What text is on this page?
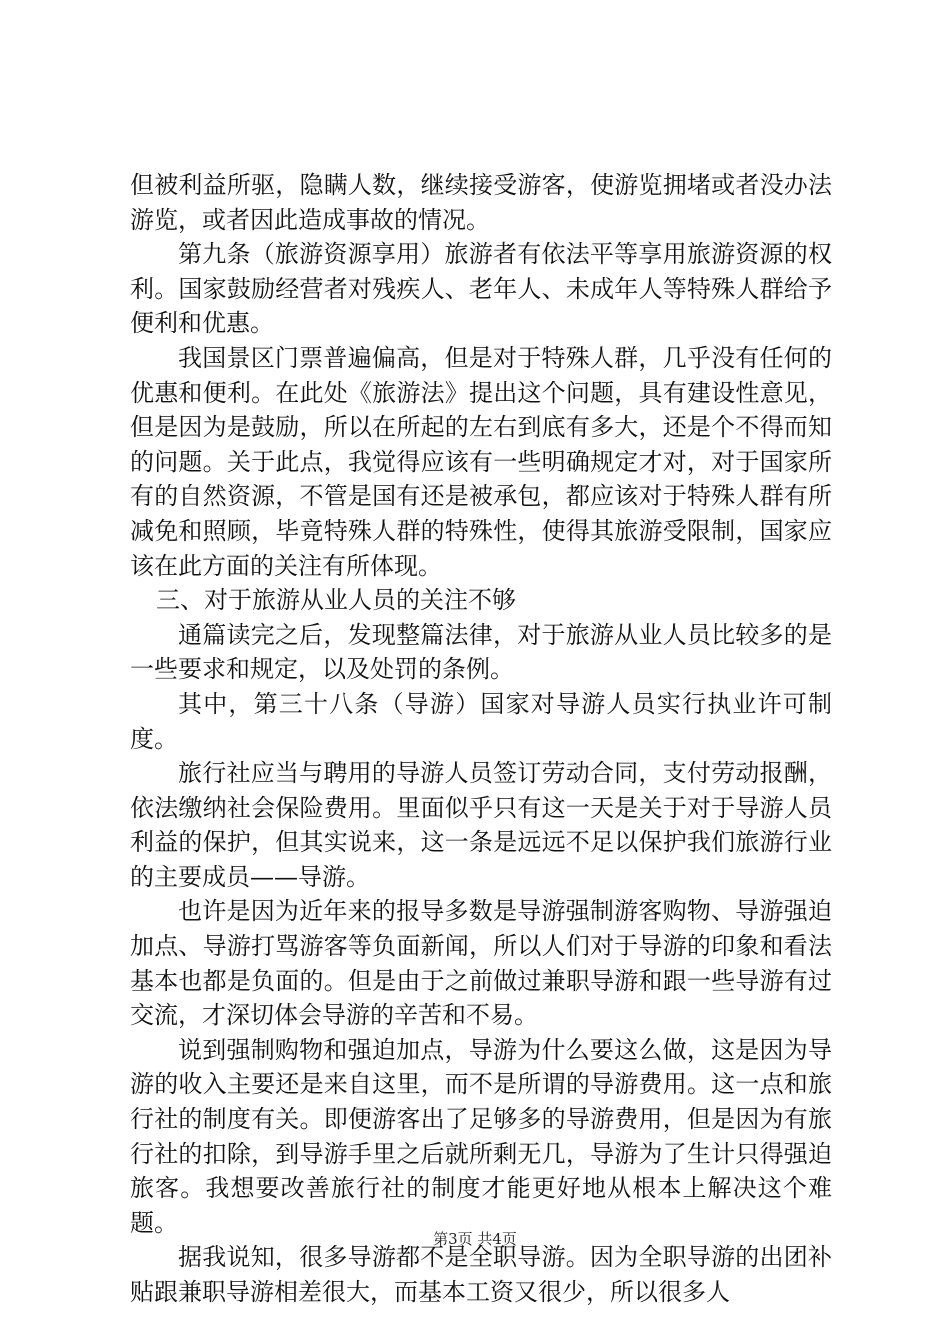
但被利益所驱，隐瞒人数，继续接受游客，使游览拥堵或者没办法游览，或者因此造成事故的情况。

第九条（旅游资源享用）旅游者有依法平等享用旅游资源的权利。国家鼓励经营者对残疾人、老年人、未成年人等特殊人群给予便利和优惠。

我国景区门票普遍偏高，但是对于特殊人群，几乎没有任何的优惠和便利。在此处《旅游法》提出这个问题，具有建设性意见，但是因为是鼓励，所以在所起的左右到底有多大，还是个不得而知的问题。关于此点，我觉得应该有一些明确规定才对，对于国家所有的自然资源，不管是国有还是被承包，都应该对于特殊人群有所减免和照顾，毕竟特殊人群的特殊性，使得其旅游受限制，国家应该在此方面的关注有所体现。

三、对于旅游从业人员的关注不够

通篇读完之后，发现整篇法律，对于旅游从业人员比较多的是一些要求和规定，以及处罚的条例。

其中，第三十八条（导游）国家对导游人员实行执业许可制度。

旅行社应当与聘用的导游人员签订劳动合同，支付劳动报酬，依法缴纳社会保险费用。里面似乎只有这一天是关于对于导游人员利益的保护，但其实说来，这一条是远远不足以保护我们旅游行业的主要成员——导游。

也许是因为近年来的报导多数是导游强制游客购物、导游强迫加点、导游打骂游客等负面新闻，所以人们对于导游的印象和看法基本也都是负面的。但是由于之前做过兼职导游和跟一些导游有过交流，才深切体会导游的辛苦和不易。

说到强制购物和强迫加点，导游为什么要这么做，这是因为导游的收入主要还是来自这里，而不是所谓的导游费用。这一点和旅行社的制度有关。即便游客出了足够多的导游费用，但是因为有旅行社的扣除，到导游手里之后就所剩无几，导游为了生计只得强迫旅客。我想要改善旅行社的制度才能更好地从根本上解决这个难题。

据我说知，很多导游都不是全职导游。因为全职导游的出团补贴跟兼职导游相差很大，而基本工资又很少，所以很多人

第3页 共4页
